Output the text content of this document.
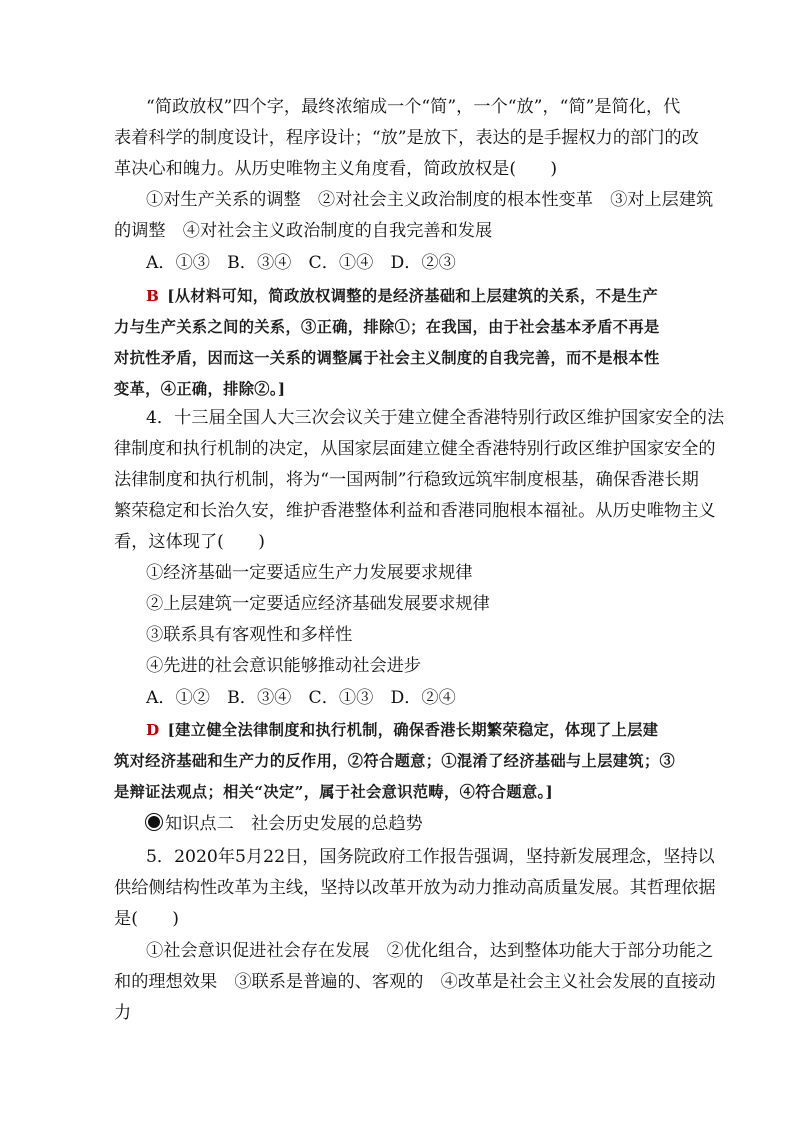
“简政放权”四个字，最终浓缩成一个“简”，一个“放”，“简”是简化，代
表着科学的制度设计，程序设计；“放”是放下，表达的是手握权力的部门的改
革决心和魄力。从历史唯物主义角度看，简政放权是(　　)
①对生产关系的调整　②对社会主义政治制度的根本性变革　③对上层建筑
的调整　④对社会主义政治制度的自我完善和发展
A．①③　B．③④　C．①④　D．②③
B [从材料可知，简政放权调整的是经济基础和上层建筑的关系，不是生产
力与生产关系之间的关系，③正确，排除①；在我国，由于社会基本矛盾不再是
对抗性矛盾，因而这一关系的调整属于社会主义制度的自我完善，而不是根本性
变革，④正确，排除②。]
4．十三届全国人大三次会议关于建立健全香港特别行政区维护国家安全的法
律制度和执行机制的决定，从国家层面建立健全香港特别行政区维护国家安全的
法律制度和执行机制，将为“一国两制”行稳致远筑牢制度根基，确保香港长期
繁荣稳定和长治久安，维护香港整体利益和香港同胞根本福祉。从历史唯物主义
看，这体现了(　　)
①经济基础一定要适应生产力发展要求规律
②上层建筑一定要适应经济基础发展要求规律
③联系具有客观性和多样性
④先进的社会意识能够推动社会进步
A．①②　B．③④　C．①③　D．②④
D [建立健全法律制度和执行机制，确保香港长期繁荣稳定，体现了上层建
筑对经济基础和生产力的反作用，②符合题意；①混淆了经济基础与上层建筑；③
是辩证法观点；相关“决定”，属于社会意识范畴，④符合题意。]
知识点二　社会历史发展的总趋势
5．2020年5月22日，国务院政府工作报告强调，坚持新发展理念，坚持以
供给侧结构性改革为主线，坚持以改革开放为动力推动高质量发展。其哲理依据
是(　　)
①社会意识促进社会存在发展　②优化组合，达到整体功能大于部分功能之
和的理想效果　③联系是普遍的、客观的　④改革是社会主义社会发展的直接动
力
